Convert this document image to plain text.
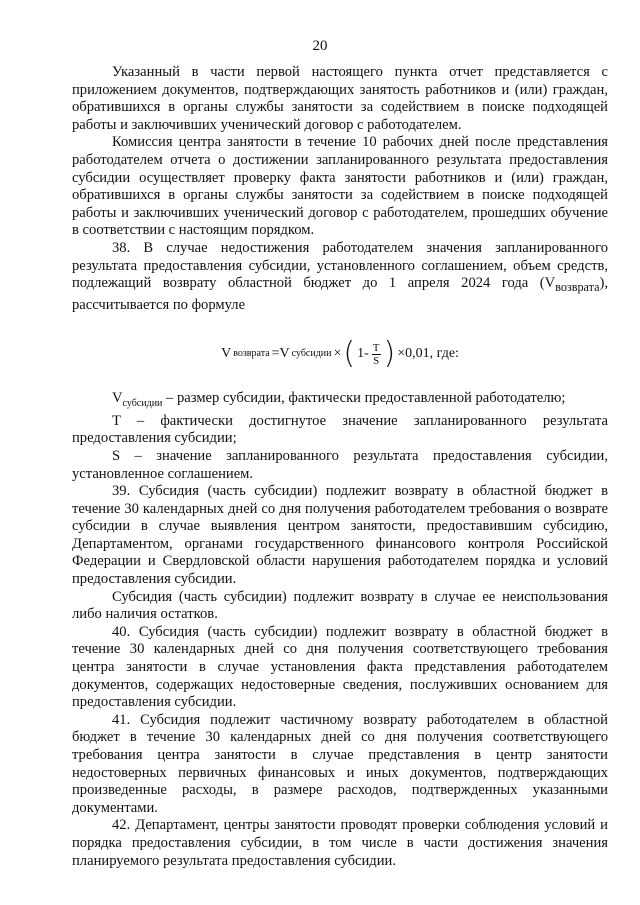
20

Указанный в части первой настоящего пункта отчет представляется с приложением документов, подтверждающих занятость работников и (или) граждан, обратившихся в органы службы занятости за содействием в поиске подходящей работы и заключивших ученический договор с работодателем.

Комиссия центра занятости в течение 10 рабочих дней после представления работодателем отчета о достижении запланированного результата предоставления субсидии осуществляет проверку факта занятости работников и (или) граждан, обратившихся в органы службы занятости за содействием в поиске подходящей работы и заключивших ученический договор с работодателем, прошедших обучение в соответствии с настоящим порядком.

38. В случае недостижения работодателем значения запланированного результата предоставления субсидии, установленного соглашением, объем средств, подлежащий возврату областной бюджет до 1 апреля 2024 года $(V_{возврата})$, рассчитывается по формуле

V возврата =V субсидии × ( $1- \frac{T}{S}$ ) ×0,01, где:

$V_{субсидии}$ – размер субсидии, фактически предоставленной работодателю;

T – фактически достигнутое значение запланированного результата предоставления субсидии;

S – значение запланированного результата предоставления субсидии, установленное соглашением.

39. Субсидия (часть субсидии) подлежит возврату в областной бюджет в течение 30 календарных дней со дня получения работодателем требования о возврате субсидии в случае выявления центром занятости, предоставившим субсидию, Департаментом, органами государственного финансового контроля Российской Федерации и Свердловской области нарушения работодателем порядка и условий предоставления субсидии.

Субсидия (часть субсидии) подлежит возврату в случае ее неиспользования либо наличия остатков.

40. Субсидия (часть субсидии) подлежит возврату в областной бюджет в течение 30 календарных дней со дня получения соответствующего требования центра занятости в случае установления факта представления работодателем документов, содержащих недостоверные сведения, послуживших основанием для предоставления субсидии.

41. Субсидия подлежит частичному возврату работодателем в областной бюджет в течение 30 календарных дней со дня получения соответствующего требования центра занятости в случае представления в центр занятости недостоверных первичных финансовых и иных документов, подтверждающих произведенные расходы, в размере расходов, подтвержденных указанными документами.

42. Департамент, центры занятости проводят проверки соблюдения условий и порядка предоставления субсидии, в том числе в части достижения значения планируемого результата предоставления субсидии.
